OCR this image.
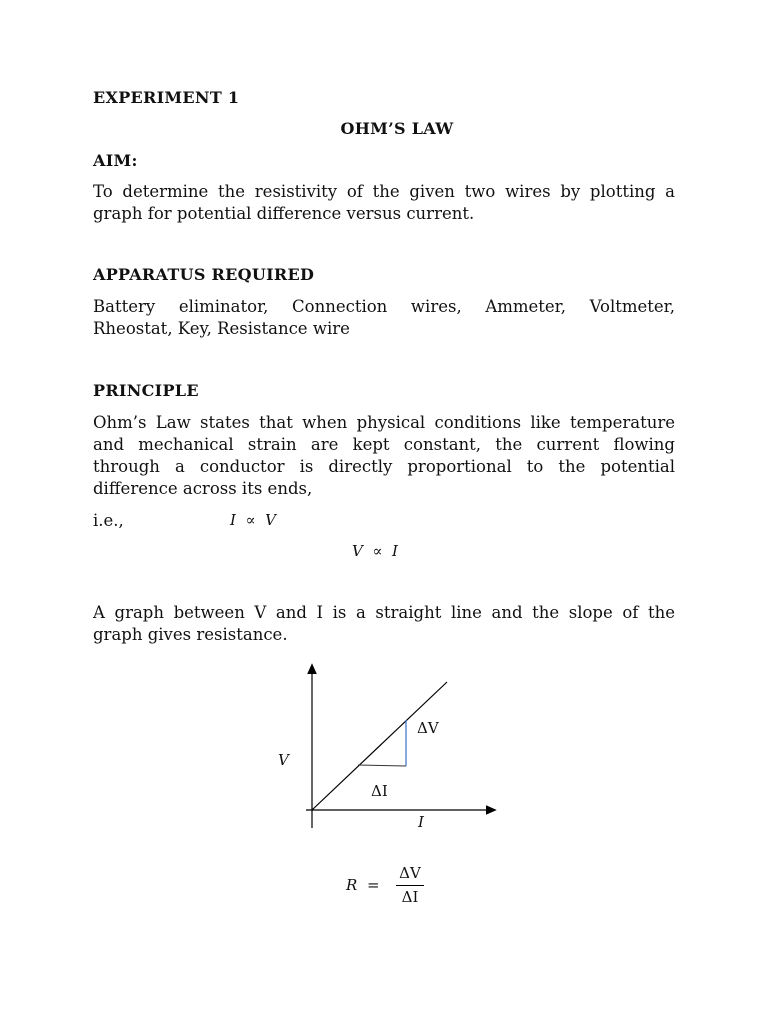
EXPERIMENT 1
OHM’S LAW
AIM:
To determine the resistivity of the given two wires by plotting a
graph for potential difference versus current.
APPARATUS REQUIRED
Battery eliminator, Connection wires, Ammeter, Voltmeter,
Rheostat, Key, Resistance wire
PRINCIPLE
Ohm’s Law states that when physical conditions like temperature
and mechanical strain are kept constant, the current flowing
through a conductor is directly proportional to the potential
difference across its ends,
i.e.,	I  ∝  V
V  ∝  I
A graph between V and I is a straight line and the slope of the
graph gives resistance.
ΔV
ΔI
V
I
R =
ΔV
ΔI
